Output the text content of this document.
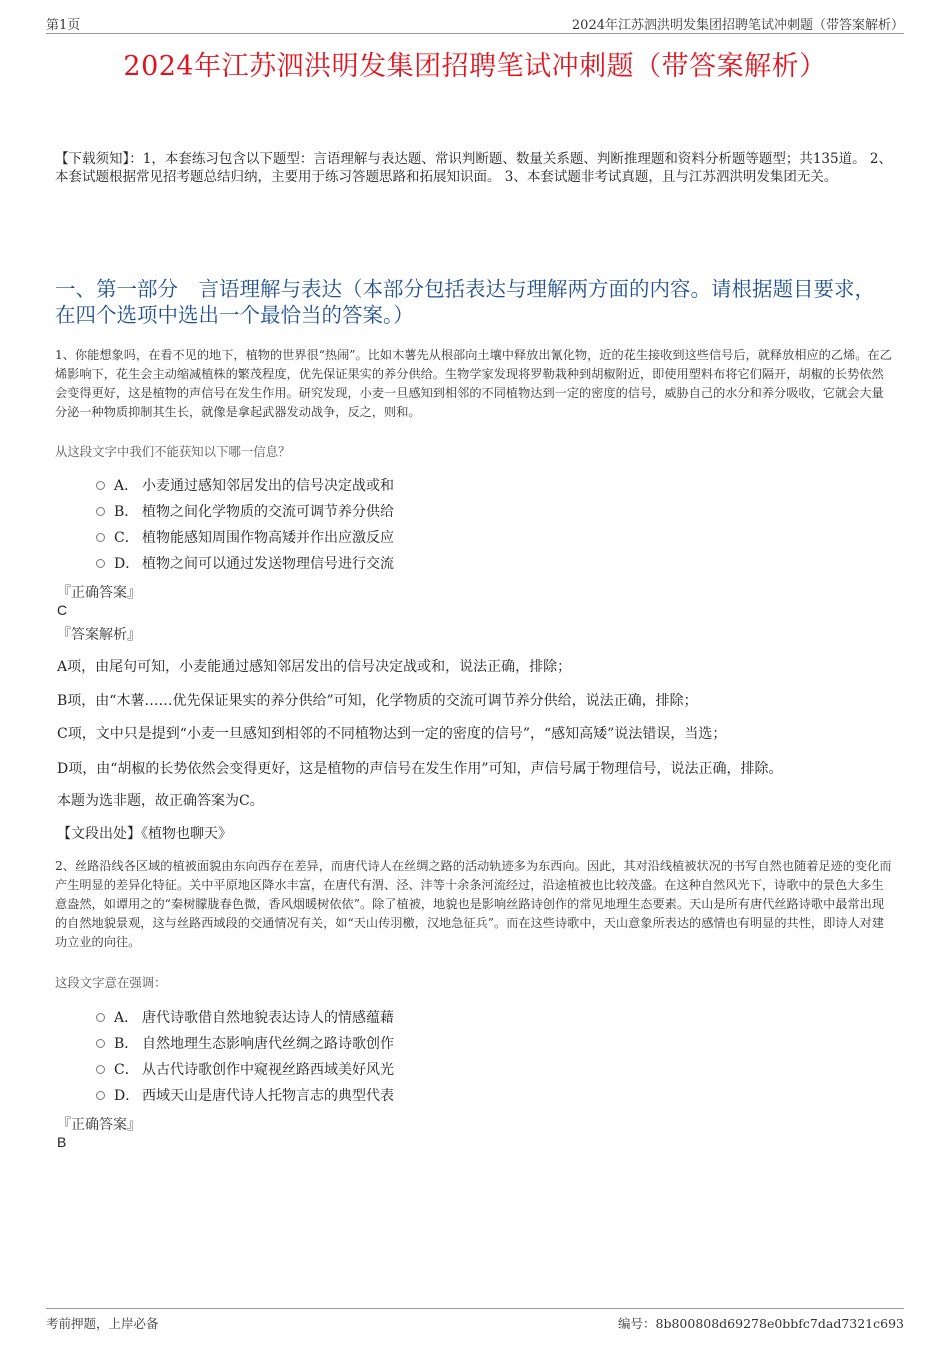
第1页	2024年江苏泗洪明发集团招聘笔试冲刺题（带答案解析）
2024年江苏泗洪明发集团招聘笔试冲刺题（带答案解析）
【下载须知】：1，本套练习包含以下题型：言语理解与表达题、常识判断题、数量关系题、判断推理题和资料分析题等题型；共135道。 2、本套试题根据常见招考题总结归纳，主要用于练习答题思路和拓展知识面。 3、本套试题非考试真题，且与江苏泗洪明发集团无关。
一、第一部分　言语理解与表达（本部分包括表达与理解两方面的内容。请根据题目要求，在四个选项中选出一个最恰当的答案。）
1、你能想象吗，在看不见的地下，植物的世界很“热闹”。比如木薯先从根部向土壤中释放出氰化物，近的花生接收到这些信号后，就释放相应的乙烯。在乙烯影响下，花生会主动缩减植株的繁茂程度，优先保证果实的养分供给。生物学家发现将罗勒栽种到胡椒附近，即使用塑料布将它们隔开，胡椒的长势依然会变得更好，这是植物的声信号在发生作用。研究发现，小麦一旦感知到相邻的不同植物达到一定的密度的信号，威胁自己的水分和养分吸收，它就会大量分泌一种物质抑制其生长，就像是拿起武器发动战争，反之，则和。
从这段文字中我们不能获知以下哪一信息？
A． 小麦通过感知邻居发出的信号决定战或和
B． 植物之间化学物质的交流可调节养分供给
C． 植物能感知周围作物高矮并作出应激反应
D． 植物之间可以通过发送物理信号进行交流
『正确答案』
C
『答案解析』
A项，由尾句可知，小麦能通过感知邻居发出的信号决定战或和，说法正确，排除；
B项，由“木薯……优先保证果实的养分供给”可知，化学物质的交流可调节养分供给，说法正确，排除；
C项，文中只是提到“小麦一旦感知到相邻的不同植物达到一定的密度的信号”，“感知高矮”说法错误，当选；
D项，由“胡椒的长势依然会变得更好，这是植物的声信号在发生作用”可知，声信号属于物理信号，说法正确，排除。
本题为选非题，故正确答案为C。
【文段出处】《植物也聊天》
2、丝路沿线各区域的植被面貌由东向西存在差异，而唐代诗人在丝绸之路的活动轨迹多为东西向。因此，其对沿线植被状况的书写自然也随着足迹的变化而产生明显的差异化特征。关中平原地区降水丰富，在唐代有渭、泾、沣等十余条河流经过，沿途植被也比较茂盛。在这种自然风光下，诗歌中的景色大多生意盎然，如谭用之的“秦树朦胧春色微，香风烟暖树依依”。除了植被，地貌也是影响丝路诗创作的常见地理生态要素。天山是所有唐代丝路诗歌中最常出现的自然地貌景观，这与丝路西域段的交通情况有关，如“天山传羽檄，汉地急征兵”。而在这些诗歌中，天山意象所表达的感情也有明显的共性，即诗人对建功立业的向往。
这段文字意在强调：
A． 唐代诗歌借自然地貌表达诗人的情感蕴藉
B． 自然地理生态影响唐代丝绸之路诗歌创作
C． 从古代诗歌创作中窥视丝路西域美好风光
D． 西域天山是唐代诗人托物言志的典型代表
『正确答案』
B
考前押题，上岸必备	编号：8b800808d69278e0bbfc7dad7321c693
